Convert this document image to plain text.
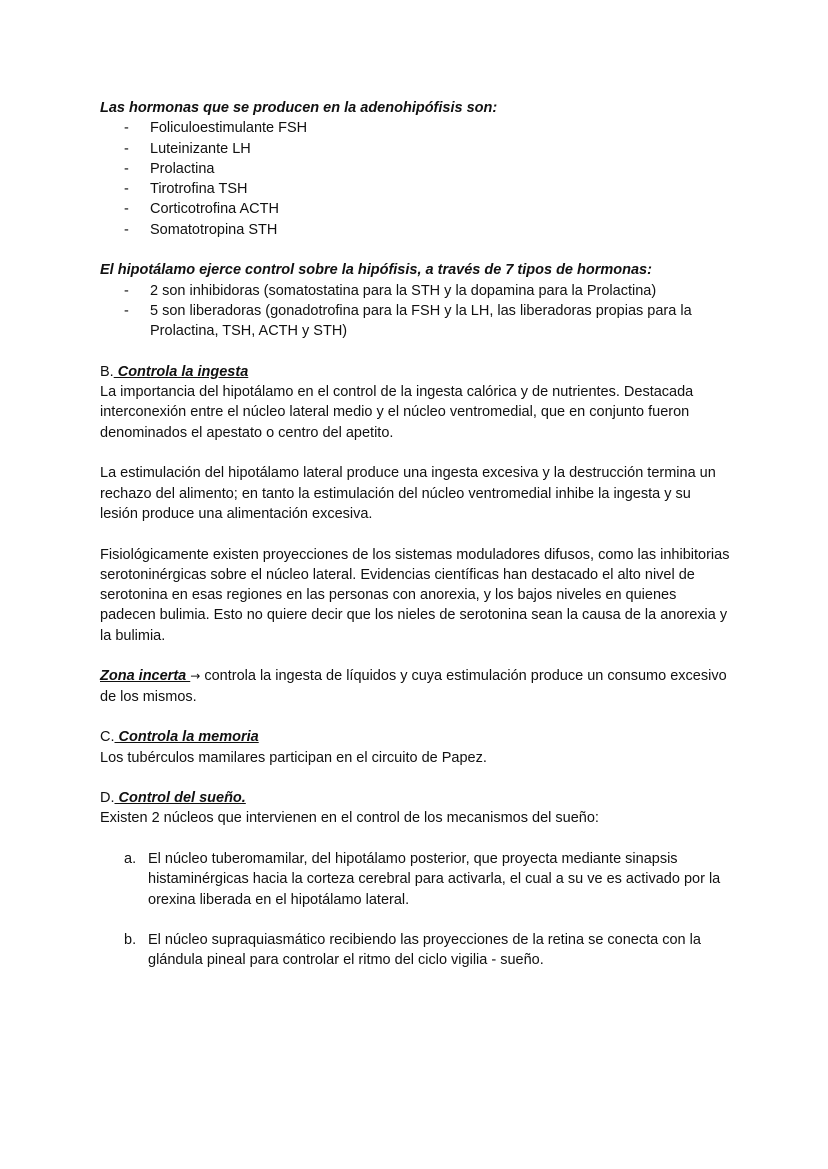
Las hormonas que se producen en la adenohipófisis son:

- Foliculoestimulante FSH
- Luteinizante LH
- Prolactina
- Tirotrofina TSH
- Corticotrofina ACTH
- Somatotropina STH

El hipotálamo ejerce control sobre la hipófisis, a través de 7 tipos de hormonas:

- 2 son inhibidoras (somatostatina para la STH y la dopamina para la Prolactina)
- 5 son liberadoras (gonadotrofina para la FSH y la LH, las liberadoras propias para la Prolactina, TSH, ACTH y STH)

B. Controla la ingesta

La importancia del hipotálamo en el control de la ingesta calórica y de nutrientes. Destacada interconexión entre el núcleo lateral medio y el núcleo ventromedial, que en conjunto fueron denominados el apestato o centro del apetito.

La estimulación del hipotálamo lateral produce una ingesta excesiva y la destrucción termina un rechazo del alimento; en tanto la estimulación del núcleo ventromedial inhibe la ingesta y su lesión produce una alimentación excesiva.

Fisiológicamente existen proyecciones de los sistemas moduladores difusos, como las inhibitorias serotoninérgicas sobre el núcleo lateral. Evidencias científicas han destacado el alto nivel de serotonina en esas regiones en las personas con anorexia, y los bajos niveles en quienes padecen bulimia. Esto no quiere decir que los nieles de serotonina sean la causa de la anorexia y la bulimia.

Zona incerta → controla la ingesta de líquidos y cuya estimulación produce un consumo excesivo de los mismos.

C. Controla la memoria

Los tubérculos mamilares participan en el circuito de Papez.

D. Control del sueño.

Existen 2 núcleos que intervienen en el control de los mecanismos del sueño:

a. El núcleo tuberomamilar, del hipotálamo posterior, que proyecta mediante sinapsis histaminérgicas hacia la corteza cerebral para activarla, el cual a su ve es activado por la orexina liberada en el hipotálamo lateral.
b. El núcleo supraquiasmático recibiendo las proyecciones de la retina se conecta con la glándula pineal para controlar el ritmo del ciclo vigilia - sueño.
